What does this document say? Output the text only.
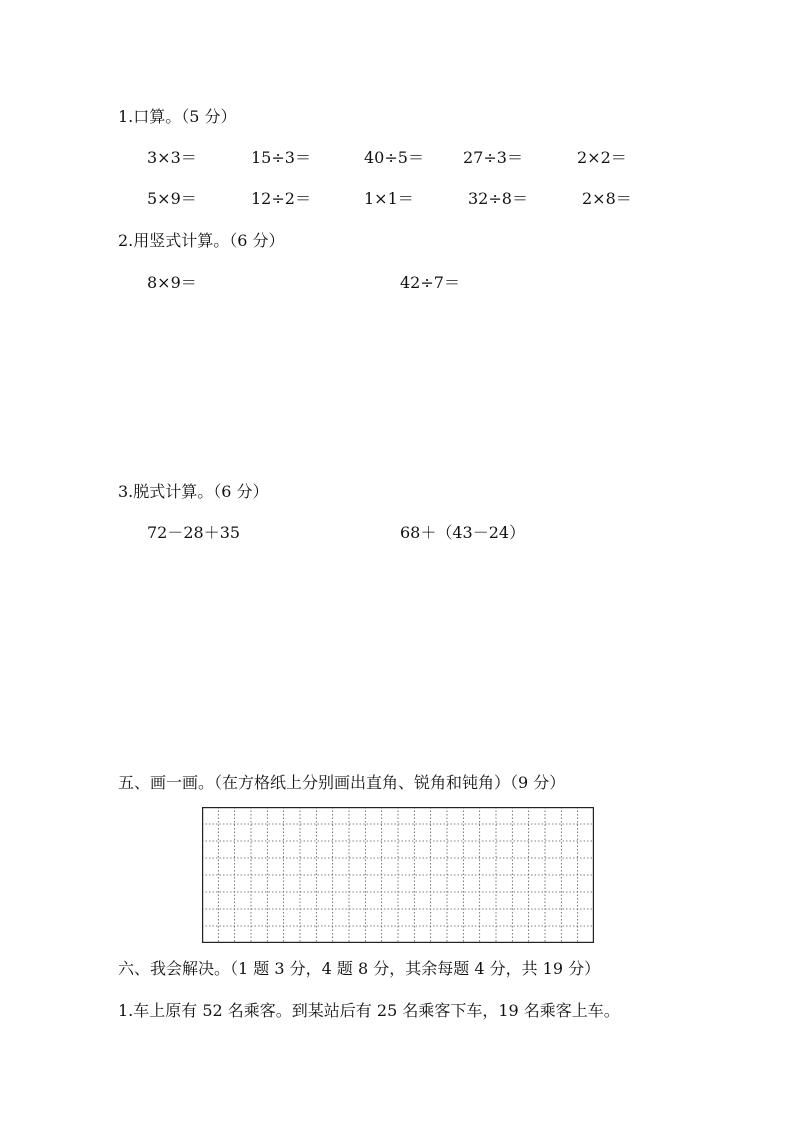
1.口算。（5 分）
3×3＝	15÷3＝	40÷5＝ 27÷3＝	2×2＝
5×9＝	12÷2＝	1×1＝	32÷8＝	2×8＝
2.用竖式计算。（6 分）
8×9＝	42÷7＝
3.脱式计算。（6 分）
72－28＋35	68＋（43－24）
五、画一画。（在方格纸上分别画出直角、锐角和钝角）（9 分）
六、我会解决。（1 题 3 分，4 题 8 分，其余每题 4 分，共 19 分）
1.车上原有 52 名乘客。到某站后有 25 名乘客下车，19 名乘客上车。
